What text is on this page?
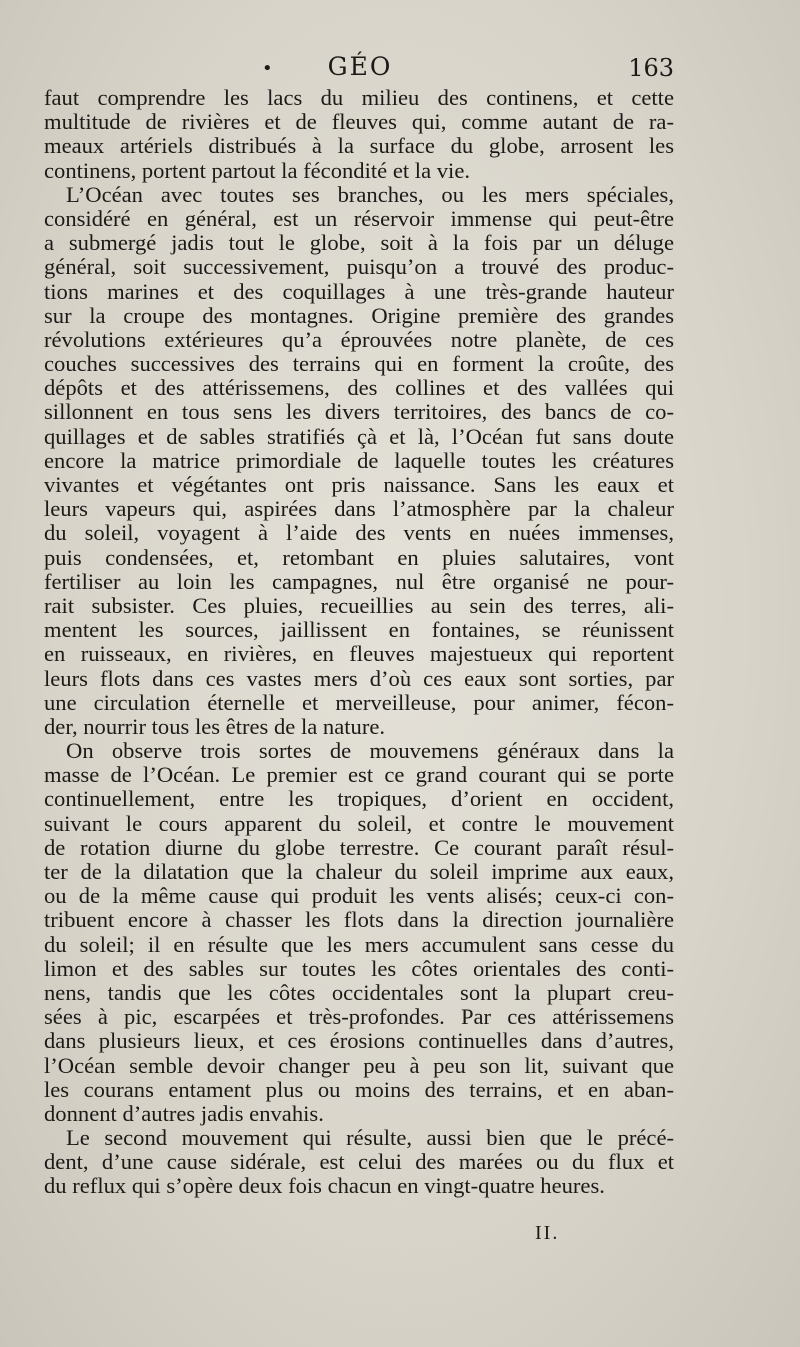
•	GÉO	163

faut comprendre les lacs du milieu des continens, et cette
multitude de rivières et de fleuves qui, comme autant de ra-
meaux artériels distribués à la surface du globe, arrosent les
continens, portent partout la fécondité et la vie.

L’Océan avec toutes ses branches, ou les mers spéciales,
considéré en général, est un réservoir immense qui peut-être
a submergé jadis tout le globe, soit à la fois par un déluge
général, soit successivement, puisqu’on a trouvé des produc-
tions marines et des coquillages à une très-grande hauteur
sur la croupe des montagnes. Origine première des grandes
révolutions extérieures qu’a éprouvées notre planète, de ces
couches successives des terrains qui en forment la croûte, des
dépôts et des attérissemens, des collines et des vallées qui
sillonnent en tous sens les divers territoires, des bancs de co-
quillages et de sables stratifiés çà et là, l’Océan fut sans doute
encore la matrice primordiale de laquelle toutes les créatures
vivantes et végétantes ont pris naissance. Sans les eaux et
leurs vapeurs qui, aspirées dans l’atmosphère par la chaleur
du soleil, voyagent à l’aide des vents en nuées immenses,
puis condensées, et, retombant en pluies salutaires, vont
fertiliser au loin les campagnes, nul être organisé ne pour-
rait subsister. Ces pluies, recueillies au sein des terres, ali-
mentent les sources, jaillissent en fontaines, se réunissent
en ruisseaux, en rivières, en fleuves majestueux qui reportent
leurs flots dans ces vastes mers d’où ces eaux sont sorties, par
une circulation éternelle et merveilleuse, pour animer, fécon-
der, nourrir tous les êtres de la nature.

On observe trois sortes de mouvemens généraux dans la
masse de l’Océan. Le premier est ce grand courant qui se porte
continuellement, entre les tropiques, d’orient en occident,
suivant le cours apparent du soleil, et contre le mouvement
de rotation diurne du globe terrestre. Ce courant paraît résul-
ter de la dilatation que la chaleur du soleil imprime aux eaux,
ou de la même cause qui produit les vents alisés; ceux-ci con-
tribuent encore à chasser les flots dans la direction journalière
du soleil; il en résulte que les mers accumulent sans cesse du
limon et des sables sur toutes les côtes orientales des conti-
nens, tandis que les côtes occidentales sont la plupart creu-
sées à pic, escarpées et très-profondes. Par ces attérissemens
dans plusieurs lieux, et ces érosions continuelles dans d’autres,
l’Océan semble devoir changer peu à peu son lit, suivant que
les courans entament plus ou moins des terrains, et en aban-
donnent d’autres jadis envahis.

Le second mouvement qui résulte, aussi bien que le précé-
dent, d’une cause sidérale, est celui des marées ou du flux et
du reflux qui s’opère deux fois chacun en vingt-quatre heures.

II.
